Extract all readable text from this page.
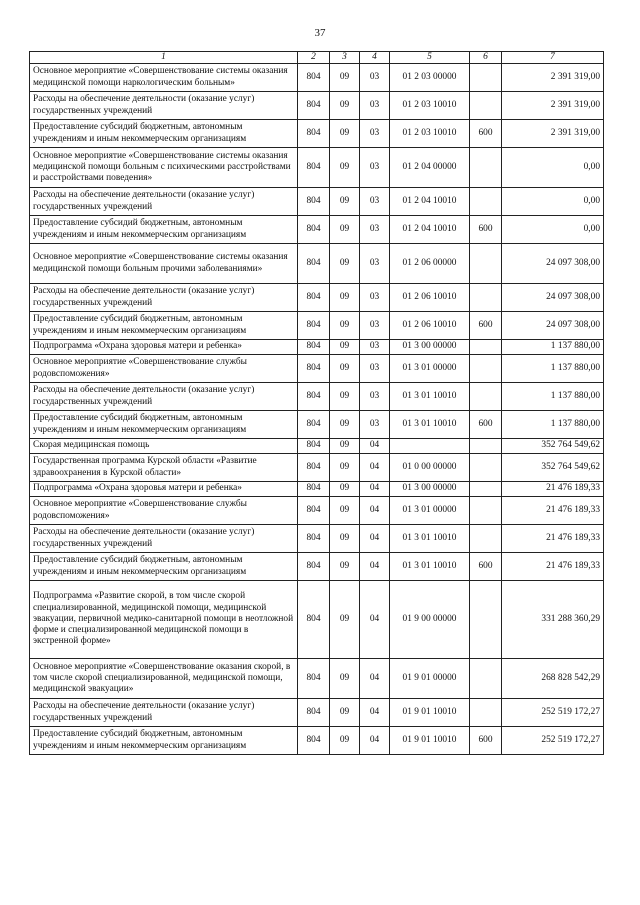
37
1	2	3	4	5	6	7
Основное мероприятие «Совершенствование системы оказания медицинской помощи наркологическим больным»	804	09	03	01 2 03 00000		2 391 319,00
Расходы на обеспечение деятельности (оказание услуг) государственных учреждений	804	09	03	01 2 03 10010		2 391 319,00
Предоставление субсидий бюджетным, автономным учреждениям и иным некоммерческим организациям	804	09	03	01 2 03 10010	600	2 391 319,00
Основное мероприятие «Совершенствование системы оказания медицинской помощи больным с психическими расстройствами и расстройствами поведения»	804	09	03	01 2 04 00000		0,00
Расходы на обеспечение деятельности (оказание услуг) государственных учреждений	804	09	03	01 2 04 10010		0,00
Предоставление субсидий бюджетным, автономным учреждениям и иным некоммерческим организациям	804	09	03	01 2 04 10010	600	0,00
Основное мероприятие «Совершенствование системы оказания медицинской помощи больным прочими заболеваниями»	804	09	03	01 2 06 00000		24 097 308,00
Расходы на обеспечение деятельности (оказание услуг) государственных учреждений	804	09	03	01 2 06 10010		24 097 308,00
Предоставление субсидий бюджетным, автономным учреждениям и иным некоммерческим организациям	804	09	03	01 2 06 10010	600	24 097 308,00
Подпрограмма «Охрана здоровья матери и ребенка»	804	09	03	01 3 00 00000		1 137 880,00
Основное мероприятие «Совершенствование службы родовспоможения»	804	09	03	01 3 01 00000		1 137 880,00
Расходы на обеспечение деятельности (оказание услуг) государственных учреждений	804	09	03	01 3 01 10010		1 137 880,00
Предоставление субсидий бюджетным, автономным учреждениям и иным некоммерческим организациям	804	09	03	01 3 01 10010	600	1 137 880,00
Скорая медицинская помощь	804	09	04			352 764 549,62
Государственная программа Курской области «Развитие здравоохранения в Курской области»	804	09	04	01 0 00 00000		352 764 549,62
Подпрограмма «Охрана здоровья матери и ребенка»	804	09	04	01 3 00 00000		21 476 189,33
Основное мероприятие «Совершенствование службы родовспоможения»	804	09	04	01 3 01 00000		21 476 189,33
Расходы на обеспечение деятельности (оказание услуг) государственных учреждений	804	09	04	01 3 01 10010		21 476 189,33
Предоставление субсидий бюджетным, автономным учреждениям и иным некоммерческим организациям	804	09	04	01 3 01 10010	600	21 476 189,33
Подпрограмма «Развитие скорой, в том числе скорой специализированной, медицинской помощи, медицинской эвакуации, первичной медико-санитарной помощи в неотложной форме и специализированной медицинской помощи в экстренной форме»	804	09	04	01 9 00 00000		331 288 360,29
Основное мероприятие «Совершенствование оказания скорой, в том числе скорой специализированной, медицинской помощи, медицинской эвакуации»	804	09	04	01 9 01 00000		268 828 542,29
Расходы на обеспечение деятельности (оказание услуг) государственных учреждений	804	09	04	01 9 01 10010		252 519 172,27
Предоставление субсидий бюджетным, автономным учреждениям и иным некоммерческим организациям	804	09	04	01 9 01 10010	600	252 519 172,27
